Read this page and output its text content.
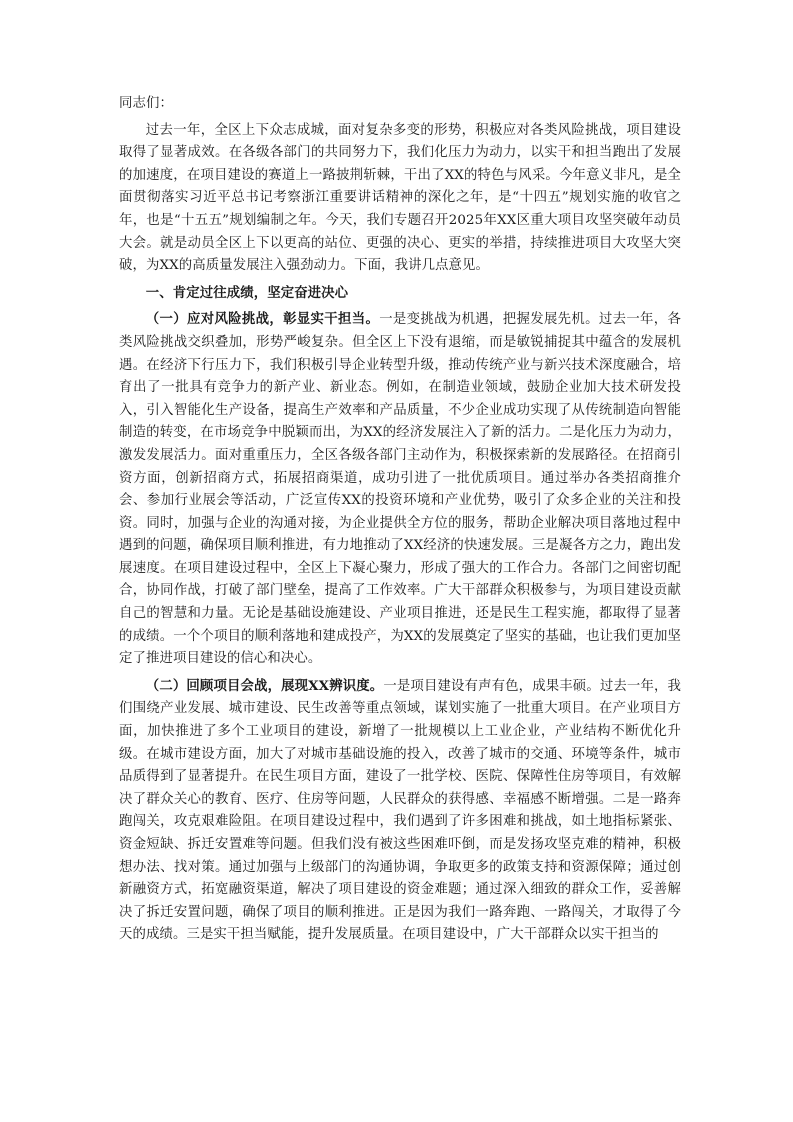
同志们：

过去一年，全区上下众志成城，面对复杂多变的形势，积极应对各类风险挑战，项目建设取得了显著成效。在各级各部门的共同努力下，我们化压力为动力，以实干和担当跑出了发展的加速度，在项目建设的赛道上一路披荆斩棘，干出了XX的特色与风采。今年意义非凡，是全面贯彻落实习近平总书记考察浙江重要讲话精神的深化之年，是“十四五”规划实施的收官之年，也是“十五五”规划编制之年。今天，我们专题召开2025年XX区重大项目攻坚突破年动员大会。就是动员全区上下以更高的站位、更强的决心、更实的举措，持续推进项目大攻坚大突破，为XX的高质量发展注入强劲动力。下面，我讲几点意见。

一、肯定过往成绩，坚定奋进决心

（一）应对风险挑战，彰显实干担当。一是变挑战为机遇，把握发展先机。过去一年，各类风险挑战交织叠加，形势严峻复杂。但全区上下没有退缩，而是敏锐捕捉其中蕴含的发展机遇。在经济下行压力下，我们积极引导企业转型升级，推动传统产业与新兴技术深度融合，培育出了一批具有竞争力的新产业、新业态。例如，在制造业领域，鼓励企业加大技术研发投入，引入智能化生产设备，提高生产效率和产品质量，不少企业成功实现了从传统制造向智能制造的转变，在市场竞争中脱颖而出，为XX的经济发展注入了新的活力。二是化压力为动力，激发发展活力。面对重重压力，全区各级各部门主动作为，积极探索新的发展路径。在招商引资方面，创新招商方式，拓展招商渠道，成功引进了一批优质项目。通过举办各类招商推介会、参加行业展会等活动，广泛宣传XX的投资环境和产业优势，吸引了众多企业的关注和投资。同时，加强与企业的沟通对接，为企业提供全方位的服务，帮助企业解决项目落地过程中遇到的问题，确保项目顺利推进，有力地推动了XX经济的快速发展。三是凝各方之力，跑出发展速度。在项目建设过程中，全区上下凝心聚力，形成了强大的工作合力。各部门之间密切配合，协同作战，打破了部门壁垒，提高了工作效率。广大干部群众积极参与，为项目建设贡献自己的智慧和力量。无论是基础设施建设、产业项目推进，还是民生工程实施，都取得了显著的成绩。一个个项目的顺利落地和建成投产，为XX的发展奠定了坚实的基础，也让我们更加坚定了推进项目建设的信心和决心。

（二）回顾项目会战，展现XX辨识度。一是项目建设有声有色，成果丰硕。过去一年，我们围绕产业发展、城市建设、民生改善等重点领域，谋划实施了一批重大项目。在产业项目方面，加快推进了多个工业项目的建设，新增了一批规模以上工业企业，产业结构不断优化升级。在城市建设方面，加大了对城市基础设施的投入，改善了城市的交通、环境等条件，城市品质得到了显著提升。在民生项目方面，建设了一批学校、医院、保障性住房等项目，有效解决了群众关心的教育、医疗、住房等问题，人民群众的获得感、幸福感不断增强。二是一路奔跑闯关，攻克艰难险阻。在项目建设过程中，我们遇到了许多困难和挑战，如土地指标紧张、资金短缺、拆迁安置难等问题。但我们没有被这些困难吓倒，而是发扬攻坚克难的精神，积极想办法、找对策。通过加强与上级部门的沟通协调，争取更多的政策支持和资源保障；通过创新融资方式，拓宽融资渠道，解决了项目建设的资金难题；通过深入细致的群众工作，妥善解决了拆迁安置问题，确保了项目的顺利推进。正是因为我们一路奔跑、一路闯关，才取得了今天的成绩。三是实干担当赋能，提升发展质量。在项目建设中，广大干部群众以实干担当的
